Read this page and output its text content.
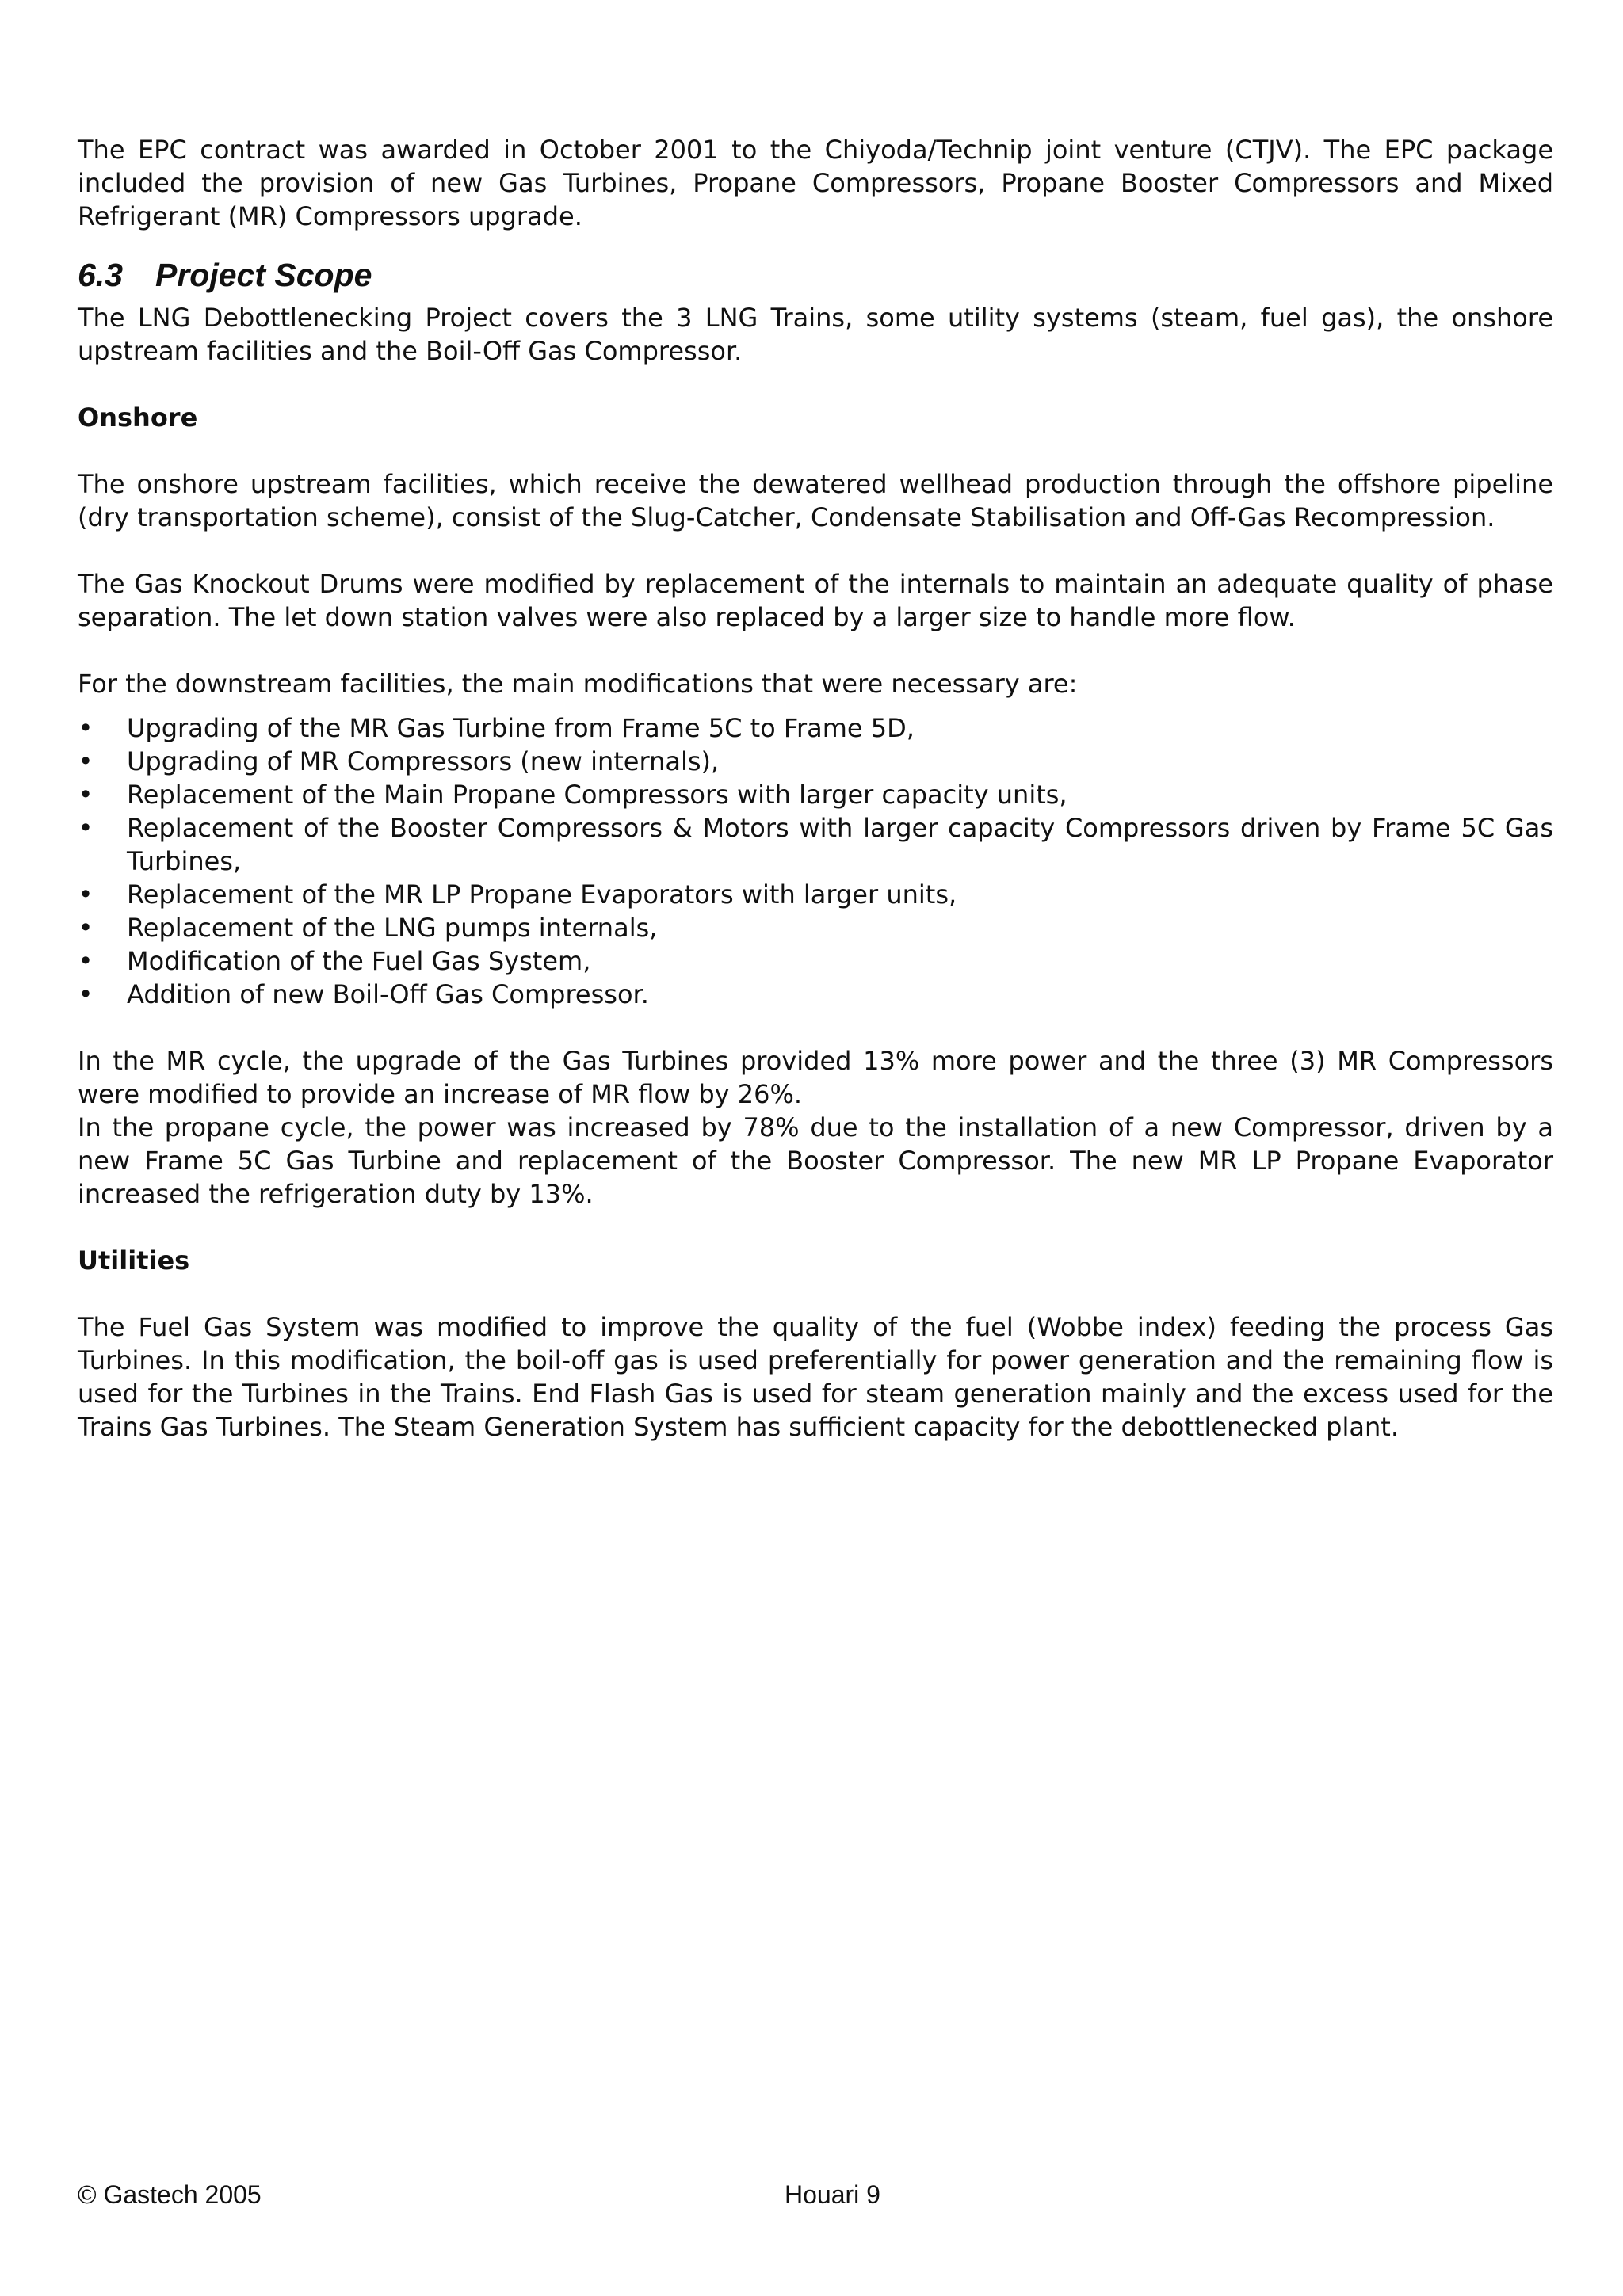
The EPC contract was awarded in October 2001 to the Chiyoda/Technip joint venture (CTJV). The EPC package included the provision of new Gas Turbines, Propane Compressors, Propane Booster Compressors and Mixed Refrigerant (MR) Compressors upgrade.

6.3 Project Scope

The LNG Debottlenecking Project covers the 3 LNG Trains, some utility systems (steam, fuel gas), the onshore upstream facilities and the Boil-Off Gas Compressor.

Onshore

The onshore upstream facilities, which receive the dewatered wellhead production through the offshore pipeline (dry transportation scheme), consist of the Slug-Catcher, Condensate Stabilisation and Off-Gas Recompression.

The Gas Knockout Drums were modified by replacement of the internals to maintain an adequate quality of phase separation. The let down station valves were also replaced by a larger size to handle more flow.

For the downstream facilities, the main modifications that were necessary are:

• Upgrading of the MR Gas Turbine from Frame 5C to Frame 5D,
• Upgrading of MR Compressors (new internals),
• Replacement of the Main Propane Compressors with larger capacity units,
• Replacement of the Booster Compressors & Motors with larger capacity Compressors driven by Frame 5C Gas Turbines,
• Replacement of the MR LP Propane Evaporators with larger units,
• Replacement of the LNG pumps internals,
• Modification of the Fuel Gas System,
• Addition of new Boil-Off Gas Compressor.

In the MR cycle, the upgrade of the Gas Turbines provided 13% more power and the three (3) MR Compressors were modified to provide an increase of MR flow by 26%.

In the propane cycle, the power was increased by 78% due to the installation of a new Compressor, driven by a new Frame 5C Gas Turbine and replacement of the Booster Compressor. The new MR LP Propane Evaporator increased the refrigeration duty by 13%.

Utilities

The Fuel Gas System was modified to improve the quality of the fuel (Wobbe index) feeding the process Gas Turbines. In this modification, the boil-off gas is used preferentially for power generation and the remaining flow is used for the Turbines in the Trains. End Flash Gas is used for steam generation mainly and the excess used for the Trains Gas Turbines. The Steam Generation System has sufficient capacity for the debottlenecked plant.

© Gastech 2005	Houari 9
